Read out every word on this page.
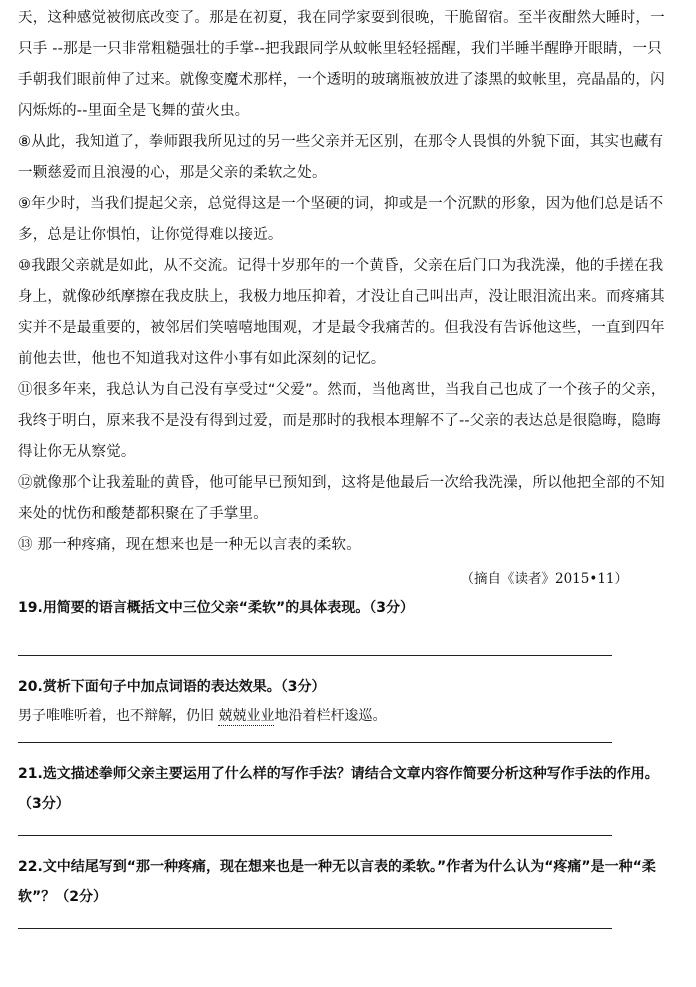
天，这种感觉被彻底改变了。那是在初夏，我在同学家耍到很晚，干脆留宿。至半夜酣然大睡时，一只手 --那是一只非常粗糙强壮的手掌--把我跟同学从蚊帐里轻轻摇醒，我们半睡半醒睁开眼睛，一只手朝我们眼前伸了过来。就像变魔术那样，一个透明的玻璃瓶被放进了漆黑的蚊帐里，亮晶晶的，闪闪烁烁的--里面全是飞舞的萤火虫。

⑧从此，我知道了，拳师跟我所见过的另一些父亲并无区别，在那令人畏惧的外貌下面，其实也藏有一颗慈爱而且浪漫的心，那是父亲的柔软之处。

⑨年少时，当我们提起父亲，总觉得这是一个坚硬的词，抑或是一个沉默的形象，因为他们总是话不多，总是让你惧怕，让你觉得难以接近。

⑩我跟父亲就是如此，从不交流。记得十岁那年的一个黄昏，父亲在后门口为我洗澡，他的手搓在我身上，就像砂纸摩擦在我皮肤上，我极力地压抑着，才没让自己叫出声，没让眼泪流出来。而疼痛其实并不是最重要的，被邻居们笑嘻嘻地围观，才是最令我痛苦的。但我没有告诉他这些，一直到四年前他去世，他也不知道我对这件小事有如此深刻的记忆。

⑪很多年来，我总认为自己没有享受过“父爱”。然而，当他离世，当我自己也成了一个孩子的父亲，我终于明白，原来我不是没有得到过爱，而是那时的我根本理解不了--父亲的表达总是很隐晦，隐晦得让你无从察觉。

⑫就像那个让我羞耻的黄昏，他可能早已预知到，这将是他最后一次给我洗澡，所以他把全部的不知来处的忧伤和酸楚都积聚在了手掌里。

⑬ 那一种疼痛，现在想来也是一种无以言表的柔软。

（摘自《读者》2015•11）

19.用简要的语言概括文中三位父亲“柔软”的具体表现。（3分）

20.赏析下面句子中加点词语的表达效果。（3分）

男子唯唯听着，也不辩解，仍旧 兢兢业业地沿着栏杆逡巡。

21.选文描述拳师父亲主要运用了什么样的写作手法？请结合文章内容作简要分析这种写作手法的作用。（3分）

22.文中结尾写到“那一种疼痛，现在想来也是一种无以言表的柔软。”作者为什么认为“疼痛”是一种“柔软”？（2分）
